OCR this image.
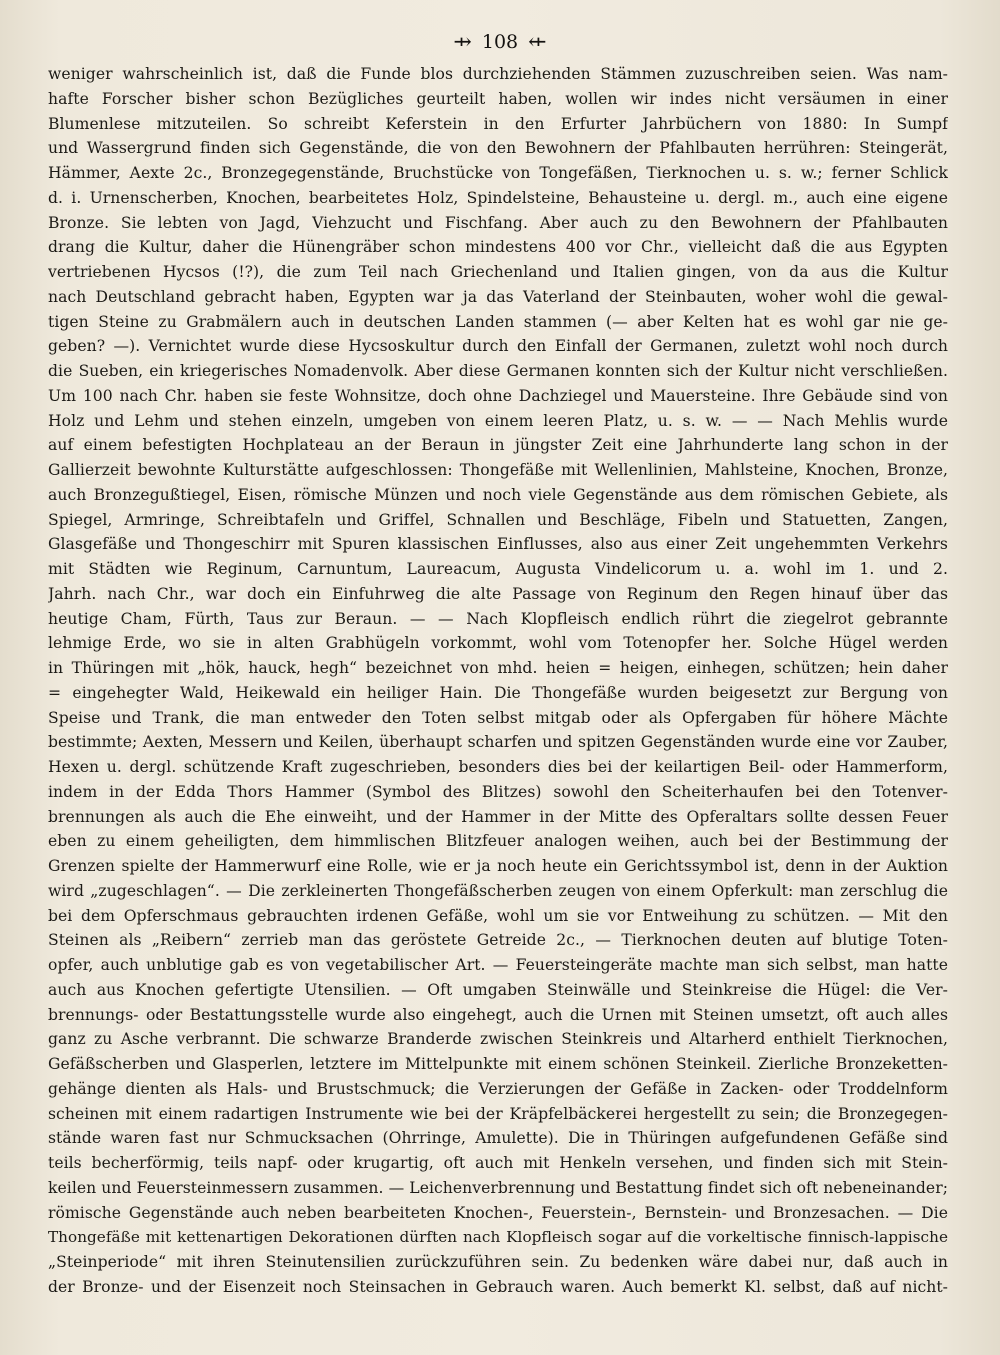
⇸ 108 ⇷
weniger wahrscheinlich ist, daß die Funde blos durchziehenden Stämmen zuzuschreiben seien. Was nam-
hafte Forscher bisher schon Bezügliches geurteilt haben, wollen wir indes nicht versäumen in einer
Blumenlese mitzuteilen. So schreibt Keferstein in den Erfurter Jahrbüchern von 1880: In Sumpf
und Wassergrund finden sich Gegenstände, die von den Bewohnern der Pfahlbauten herrühren: Steingerät,
Hämmer, Aexte 2c., Bronzegegenstände, Bruchstücke von Tongefäßen, Tierknochen u. s. w.; ferner Schlick
d. i. Urnenscherben, Knochen, bearbeitetes Holz, Spindelsteine, Behausteine u. dergl. m., auch eine eigene
Bronze. Sie lebten von Jagd, Viehzucht und Fischfang. Aber auch zu den Bewohnern der Pfahlbauten
drang die Kultur, daher die Hünengräber schon mindestens 400 vor Chr., vielleicht daß die aus Egypten
vertriebenen Hycsos (!?), die zum Teil nach Griechenland und Italien gingen, von da aus die Kultur
nach Deutschland gebracht haben, Egypten war ja das Vaterland der Steinbauten, woher wohl die gewal-
tigen Steine zu Grabmälern auch in deutschen Landen stammen (— aber Kelten hat es wohl gar nie ge-
geben? —). Vernichtet wurde diese Hycsoskultur durch den Einfall der Germanen, zuletzt wohl noch durch
die Sueben, ein kriegerisches Nomadenvolk. Aber diese Germanen konnten sich der Kultur nicht verschließen.
Um 100 nach Chr. haben sie feste Wohnsitze, doch ohne Dachziegel und Mauersteine. Ihre Gebäude sind von
Holz und Lehm und stehen einzeln, umgeben von einem leeren Platz, u. s. w. — — Nach Mehlis wurde
auf einem befestigten Hochplateau an der Beraun in jüngster Zeit eine Jahrhunderte lang schon in der
Gallierzeit bewohnte Kulturstätte aufgeschlossen: Thongefäße mit Wellenlinien, Mahlsteine, Knochen, Bronze,
auch Bronzegußtiegel, Eisen, römische Münzen und noch viele Gegenstände aus dem römischen Gebiete, als
Spiegel, Armringe, Schreibtafeln und Griffel, Schnallen und Beschläge, Fibeln und Statuetten, Zangen,
Glasgefäße und Thongeschirr mit Spuren klassischen Einflusses, also aus einer Zeit ungehemmten Verkehrs
mit Städten wie Reginum, Carnuntum, Laureacum, Augusta Vindelicorum u. a. wohl im 1. und 2.
Jahrh. nach Chr., war doch ein Einfuhrweg die alte Passage von Reginum den Regen hinauf über das
heutige Cham, Fürth, Taus zur Beraun. — — Nach Klopfleisch endlich rührt die ziegelrot gebrannte
lehmige Erde, wo sie in alten Grabhügeln vorkommt, wohl vom Totenopfer her. Solche Hügel werden
in Thüringen mit „hök, hauck, hegh“ bezeichnet von mhd. heien = heigen, einhegen, schützen; hein daher
= eingehegter Wald, Heikewald ein heiliger Hain. Die Thongefäße wurden beigesetzt zur Bergung von
Speise und Trank, die man entweder den Toten selbst mitgab oder als Opfergaben für höhere Mächte
bestimmte; Aexten, Messern und Keilen, überhaupt scharfen und spitzen Gegenständen wurde eine vor Zauber,
Hexen u. dergl. schützende Kraft zugeschrieben, besonders dies bei der keilartigen Beil- oder Hammerform,
indem in der Edda Thors Hammer (Symbol des Blitzes) sowohl den Scheiterhaufen bei den Totenver-
brennungen als auch die Ehe einweiht, und der Hammer in der Mitte des Opferaltars sollte dessen Feuer
eben zu einem geheiligten, dem himmlischen Blitzfeuer analogen weihen, auch bei der Bestimmung der
Grenzen spielte der Hammerwurf eine Rolle, wie er ja noch heute ein Gerichtssymbol ist, denn in der Auktion
wird „zugeschlagen“. — Die zerkleinerten Thongefäßscherben zeugen von einem Opferkult: man zerschlug die
bei dem Opferschmaus gebrauchten irdenen Gefäße, wohl um sie vor Entweihung zu schützen. — Mit den
Steinen als „Reibern“ zerrieb man das geröstete Getreide 2c., — Tierknochen deuten auf blutige Toten-
opfer, auch unblutige gab es von vegetabilischer Art. — Feuersteingeräte machte man sich selbst, man hatte
auch aus Knochen gefertigte Utensilien. — Oft umgaben Steinwälle und Steinkreise die Hügel: die Ver-
brennungs- oder Bestattungsstelle wurde also eingehegt, auch die Urnen mit Steinen umsetzt, oft auch alles
ganz zu Asche verbrannt. Die schwarze Branderde zwischen Steinkreis und Altarherd enthielt Tierknochen,
Gefäßscherben und Glasperlen, letztere im Mittelpunkte mit einem schönen Steinkeil. Zierliche Bronzeketten-
gehänge dienten als Hals- und Brustschmuck; die Verzierungen der Gefäße in Zacken- oder Troddelnform
scheinen mit einem radartigen Instrumente wie bei der Kräpfelbäckerei hergestellt zu sein; die Bronzegegen-
stände waren fast nur Schmucksachen (Ohrringe, Amulette). Die in Thüringen aufgefundenen Gefäße sind
teils becherförmig, teils napf- oder krugartig, oft auch mit Henkeln versehen, und finden sich mit Stein-
keilen und Feuersteinmessern zusammen. — Leichenverbrennung und Bestattung findet sich oft nebeneinander;
römische Gegenstände auch neben bearbeiteten Knochen-, Feuerstein-, Bernstein- und Bronzesachen. — Die
Thongefäße mit kettenartigen Dekorationen dürften nach Klopfleisch sogar auf die vorkeltische finnisch-lappische
„Steinperiode“ mit ihren Steinutensilien zurückzuführen sein. Zu bedenken wäre dabei nur, daß auch in
der Bronze- und der Eisenzeit noch Steinsachen in Gebrauch waren. Auch bemerkt Kl. selbst, daß auf nicht-
